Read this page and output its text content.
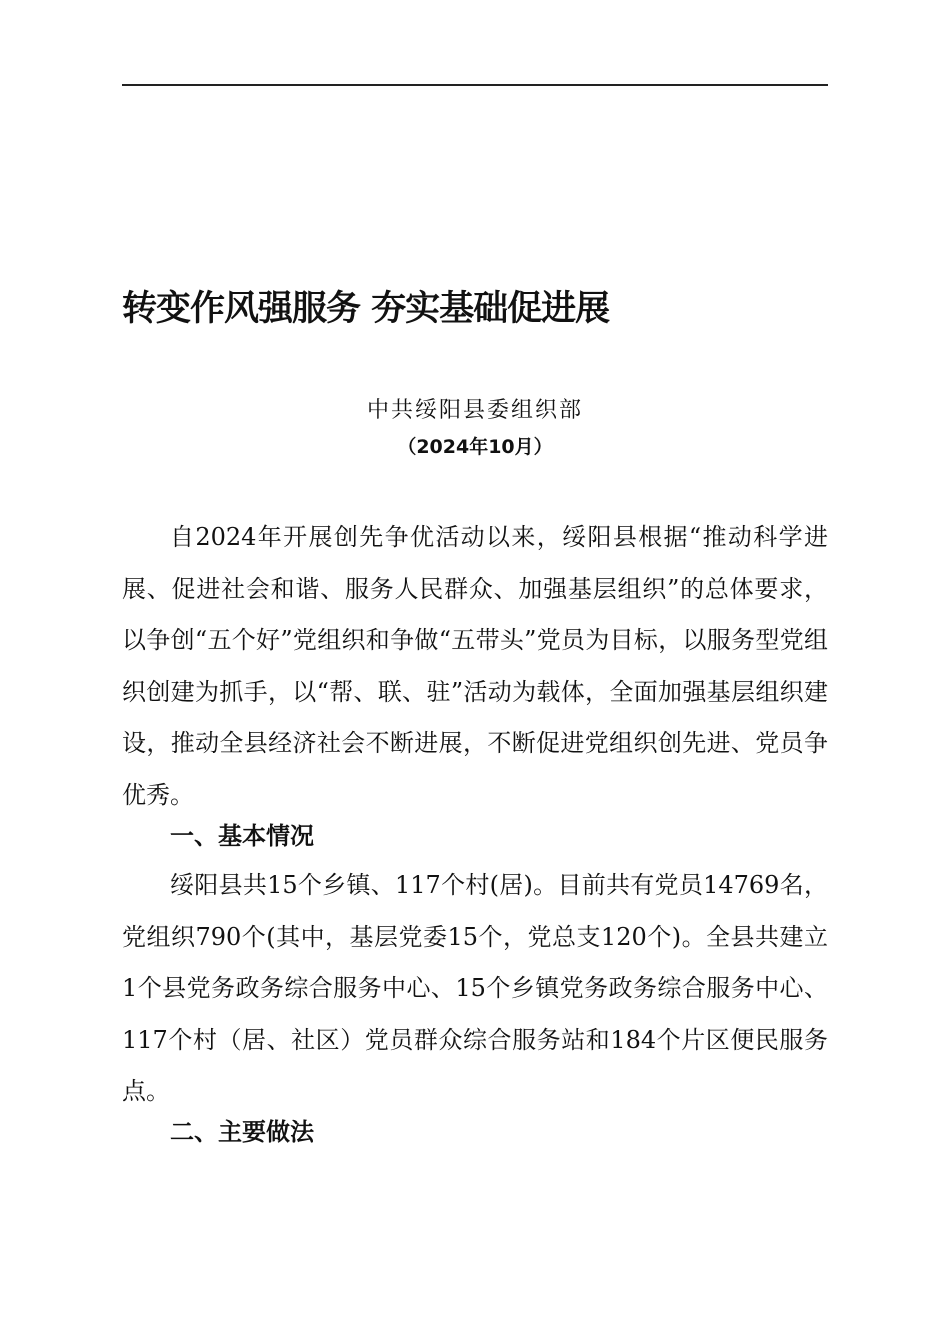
转变作风强服务 夯实基础促进展
中共绥阳县委组织部
（2024年10月）
自2024年开展创先争优活动以来，绥阳县根据“推动科学进展、促进社会和谐、服务人民群众、加强基层组织”的总体要求，以争创“五个好”党组织和争做“五带头”党员为目标，以服务型党组织创建为抓手，以“帮、联、驻”活动为载体，全面加强基层组织建设，推动全县经济社会不断进展，不断促进党组织创先进、党员争优秀。
一、基本情况
绥阳县共15个乡镇、117个村(居)。目前共有党员14769名，党组织790个(其中，基层党委15个，党总支120个)。全县共建立1个县党务政务综合服务中心、15个乡镇党务政务综合服务中心、117个村（居、社区）党员群众综合服务站和184个片区便民服务点。
二、主要做法
